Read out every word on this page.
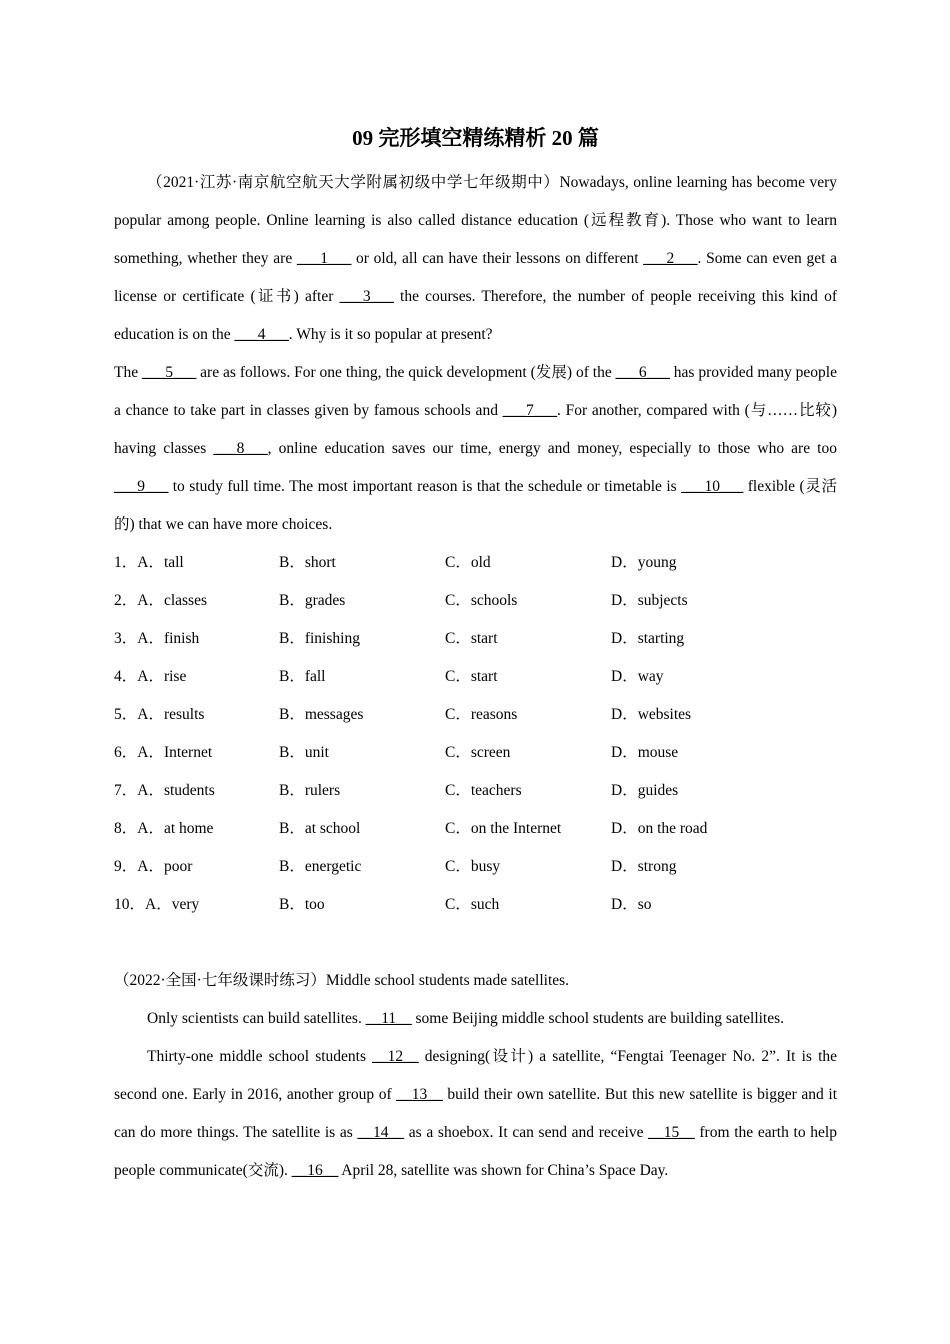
09 完形填空精练精析 20 篇

（2021·江苏·南京航空航天大学附属初级中学七年级期中）Nowadays, online learning has become very popular among people. Online learning is also called distance education (远程教育). Those who want to learn something, whether they are ___1___ or old, all can have their lessons on different ___2___. Some can even get a license or certificate (证书) after ___3___ the courses. Therefore, the number of people receiving this kind of education is on the ___4___. Why is it so popular at present?

The ___5___ are as follows. For one thing, the quick development (发展) of the ___6___ has provided many people a chance to take part in classes given by famous schools and ___7___. For another, compared with (与……比较) having classes ___8___, online education saves our time, energy and money, especially to those who are too ___9___ to study full time. The most important reason is that the schedule or timetable is ___10___ flexible (灵活的) that we can have more choices.

1．A．tall	B．short	C．old	D．young
2．A．classes	B．grades	C．schools	D．subjects
3．A．finish	B．finishing	C．start	D．starting
4．A．rise	B．fall	C．start	D．way
5．A．results	B．messages	C．reasons	D．websites
6．A．Internet	B．unit	C．screen	D．mouse
7．A．students	B．rulers	C．teachers	D．guides
8．A．at home	B．at school	C．on the Internet	D．on the road
9．A．poor	B．energetic	C．busy	D．strong
10．A．very	B．too	C．such	D．so

（2022·全国·七年级课时练习）Middle school students made satellites.

Only scientists can build satellites. __11__ some Beijing middle school students are building satellites.

Thirty-one middle school students __12__ designing(设计) a satellite, “Fengtai Teenager No. 2”. It is the second one. Early in 2016, another group of __13__ build their own satellite. But this new satellite is bigger and it can do more things. The satellite is as __14__ as a shoebox. It can send and receive __15__ from the earth to help people communicate(交流). __16__ April 28, satellite was shown for China’s Space Day.
